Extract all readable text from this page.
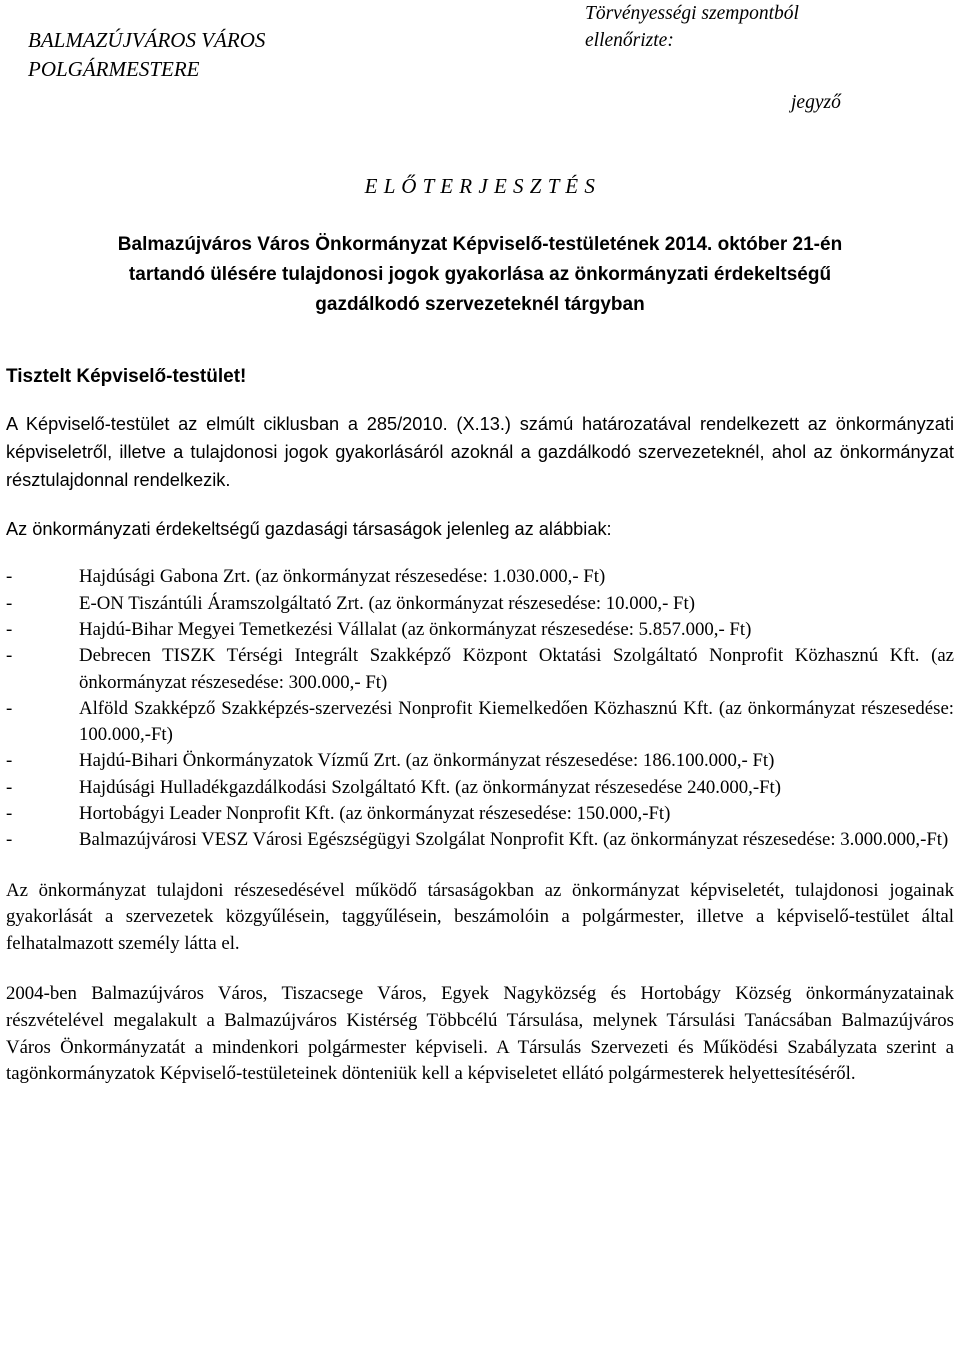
BALMAZÚJVÁROS VÁROS
POLGÁRMESTERE
Törvényességi szempontból
ellenőrizte:
jegyző
E L Ő T E R J E S Z T É S
Balmazújváros Város Önkormányzat Képviselő-testületének 2014. október 21-én
tartandó ülésére tulajdonosi jogok gyakorlása az önkormányzati érdekeltségű
gazdálkodó szervezeteknél tárgyban
Tisztelt Képviselő-testület!

A Képviselő-testület az elmúlt ciklusban a 285/2010. (X.13.) számú határozatával rendelkezett az önkormányzati képviseletről, illetve a tulajdonosi jogok gyakorlásáról azoknál a gazdálkodó szervezeteknél, ahol az önkormányzat résztulajdonnal rendelkezik.

Az önkormányzati érdekeltségű gazdasági társaságok jelenleg az alábbiak:
-	Hajdúsági Gabona Zrt. (az önkormányzat részesedése: 1.030.000,- Ft)
-	E-ON Tiszántúli Áramszolgáltató Zrt. (az önkormányzat részesedése: 10.000,- Ft)
-	Hajdú-Bihar Megyei Temetkezési Vállalat (az önkormányzat részesedése: 5.857.000,- Ft)
-	Debrecen TISZK Térségi Integrált Szakképző Központ Oktatási Szolgáltató Nonprofit Közhasznú Kft. (az önkormányzat részesedése: 300.000,- Ft)
-	Alföld Szakképző Szakképzés-szervezési Nonprofit Kiemelkedően Közhasznú Kft. (az önkormányzat részesedése: 100.000,-Ft)
-	Hajdú-Bihari Önkormányzatok Vízmű Zrt. (az önkormányzat részesedése: 186.100.000,- Ft)
-	Hajdúsági Hulladékgazdálkodási Szolgáltató Kft. (az önkormányzat részesedése 240.000,-Ft)
-	Hortobágyi Leader Nonprofit Kft. (az önkormányzat részesedése: 150.000,-Ft)
-	Balmazújvárosi VESZ Városi Egészségügyi Szolgálat Nonprofit Kft. (az önkormányzat részesedése: 3.000.000,-Ft)

Az önkormányzat tulajdoni részesedésével működő társaságokban az önkormányzat képviseletét, tulajdonosi jogainak gyakorlását a szervezetek közgyűlésein, taggyűlésein, beszámolóin a polgármester, illetve a képviselő-testület által felhatalmazott személy látta el.

2004-ben Balmazújváros Város, Tiszacsege Város, Egyek Nagyközség és Hortobágy Község önkormányzatainak részvételével megalakult a Balmazújváros Kistérség Többcélú Társulása, melynek Társulási Tanácsában Balmazújváros Város Önkormányzatát a mindenkori polgármester képviseli. A Társulás Szervezeti és Működési Szabályzata szerint a tagönkormányzatok Képviselő-testületeinek dönteniük kell a képviseletet ellátó polgármesterek helyettesítéséről.
